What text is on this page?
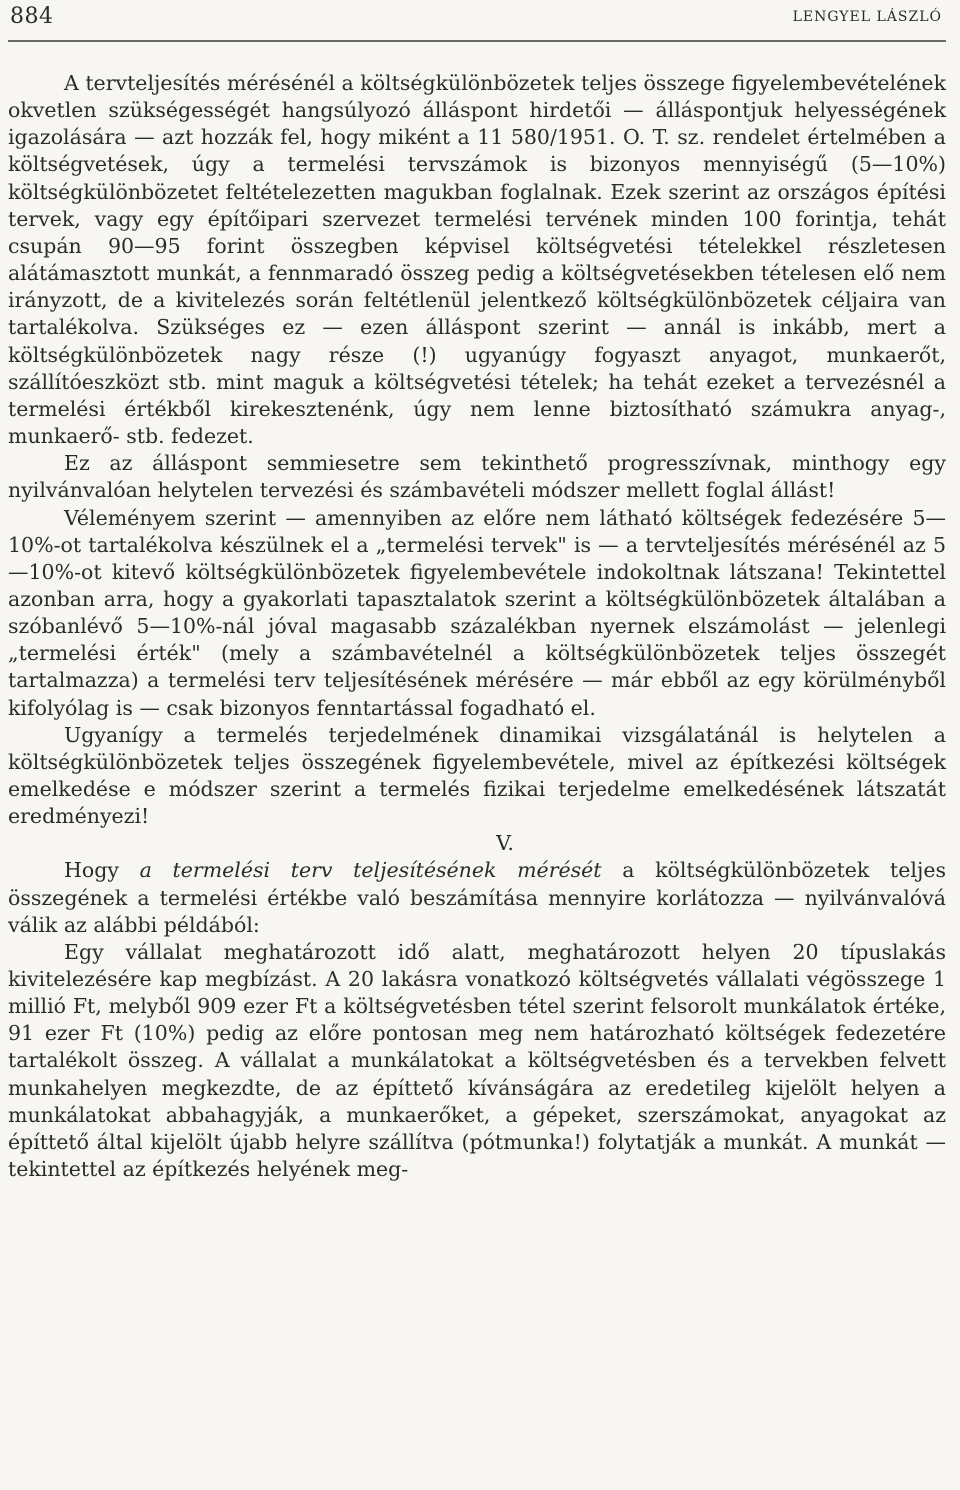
884	LENGYEL LÁSZLÓ

A tervteljesítés mérésénél a költségkülönbözetek teljes összege figyelembevételének okvetlen szükségességét hangsúlyozó álláspont hirdetői — álláspontjuk helyességének igazolására — azt hozzák fel, hogy miként a 11 580/1951. O. T. sz. rendelet értelmében a költségvetések, úgy a termelési tervszámok is bizonyos mennyiségű (5—10%) költségkülönbözetet feltételezetten magukban foglalnak. Ezek szerint az országos építési tervek, vagy egy építőipari szervezet termelési tervének minden 100 forintja, tehát csupán 90—95 forint összegben képvisel költségvetési tételekkel részletesen alátámasztott munkát, a fennmaradó összeg pedig a költségvetésekben tételesen elő nem irányzott, de a kivitelezés során feltétlenül jelentkező költségkülönbözetek céljaira van tartalékolva. Szükséges ez — ezen álláspont szerint — annál is inkább, mert a költségkülönbözetek nagy része (!) ugyanúgy fogyaszt anyagot, munkaerőt, szállítóeszközt stb. mint maguk a költségvetési tételek; ha tehát ezeket a tervezésnél a termelési értékből kirekesztenénk, úgy nem lenne biztosítható számukra anyag-, munkaerő- stb. fedezet.

Ez az álláspont semmiesetre sem tekinthető progresszívnak, minthogy egy nyilvánvalóan helytelen tervezési és számbavételi módszer mellett foglal állást!

Véleményem szerint — amennyiben az előre nem látható költségek fedezésére 5—10%-ot tartalékolva készülnek el a „termelési tervek" is — a tervteljesítés mérésénél az 5—10%-ot kitevő költségkülönbözetek figyelembevétele indokoltnak látszana! Tekintettel azonban arra, hogy a gyakorlati tapasztalatok szerint a költségkülönbözetek általában a szóbanlévő 5—10%-nál jóval magasabb százalékban nyernek elszámolást — jelenlegi „termelési érték" (mely a számbavételnél a költségkülönbözetek teljes összegét tartalmazza) a termelési terv teljesítésének mérésére — már ebből az egy körülményből kifolyólag is — csak bizonyos fenntartással fogadható el.

Ugyanígy a termelés terjedelmének dinamikai vizsgálatánál is helytelen a költségkülönbözetek teljes összegének figyelembevétele, mivel az építkezési költségek emelkedése e módszer szerint a termelés fizikai terjedelme emelkedésének látszatát eredményezi!

V.

Hogy a termelési terv teljesítésének mérését a költségkülönbözetek teljes összegének a termelési értékbe való beszámítása mennyire korlátozza — nyilvánvalóvá válik az alábbi példából:

Egy vállalat meghatározott idő alatt, meghatározott helyen 20 típuslakás kivitelezésére kap megbízást. A 20 lakásra vonatkozó költségvetés vállalati végösszege 1 millió Ft, melyből 909 ezer Ft a költségvetésben tétel szerint felsorolt munkálatok értéke, 91 ezer Ft (10%) pedig az előre pontosan meg nem határozható költségek fedezetére tartalékolt összeg. A vállalat a munkálatokat a költségvetésben és a tervekben felvett munkahelyen megkezdte, de az építtető kívánságára az eredetileg kijelölt helyen a munkálatokat abbahagyják, a munkaerőket, a gépeket, szerszámokat, anyagokat az építtető által kijelölt újabb helyre szállítva (pótmunka!) folytatják a munkát. A munkát — tekintettel az építkezés helyének meg-
